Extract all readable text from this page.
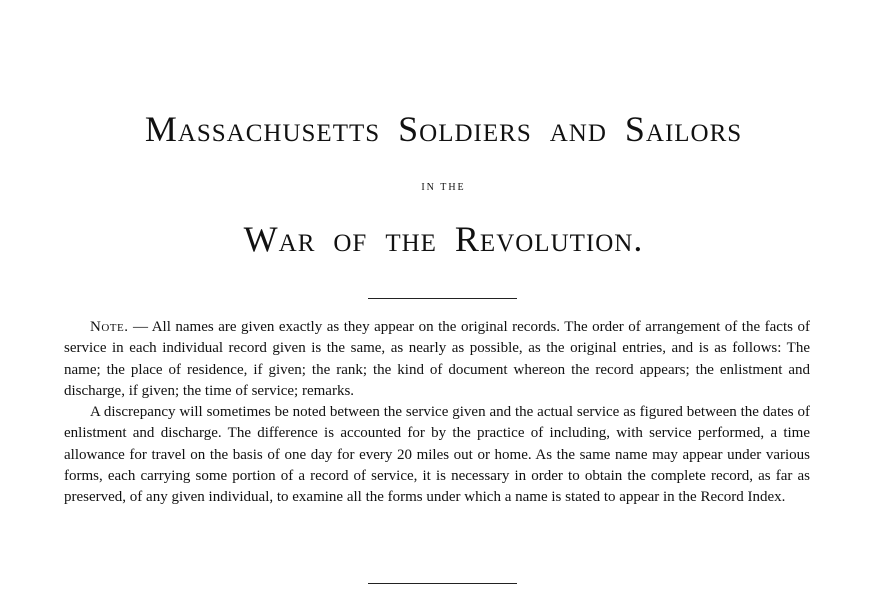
Massachusetts Soldiers and Sailors
IN THE
War of the Revolution.

Note. — All names are given exactly as they appear on the original records. The order of arrangement of the facts of service in each individual record given is the same, as nearly as possible, as the original entries, and is as follows: The name; the place of residence, if given; the rank; the kind of document whereon the record appears; the enlistment and discharge, if given; the time of service; remarks.

A discrepancy will sometimes be noted between the service given and the actual service as figured between the dates of enlistment and discharge. The difference is accounted for by the practice of including, with service performed, a time allowance for travel on the basis of one day for every 20 miles out or home. As the same name may appear under various forms, each carrying some portion of a record of service, it is necessary in order to obtain the complete record, as far as preserved, of any given individual, to examine all the forms under which a name is stated to appear in the Record Index.
